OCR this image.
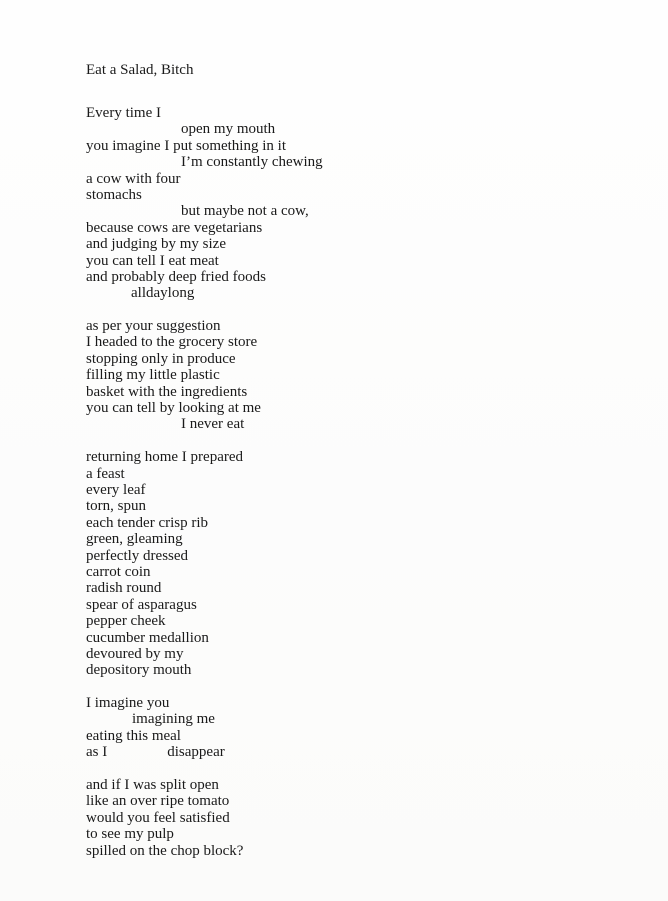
Eat a Salad, Bitch
Every time I
open my mouth
you imagine I put something in it
I’m constantly chewing
a cow with four
stomachs
but maybe not a cow,
because cows are vegetarians
and judging by my size
you can tell I eat meat
and probably deep fried foods
alldaylong
as per your suggestion
I headed to the grocery store
stopping only in produce
filling my little plastic
basket with the ingredients
you can tell by looking at me
I never eat
returning home I prepared
a feast
every leaf
torn, spun
each tender crisp rib
green, gleaming
perfectly dressed
carrot coin
radish round
spear of asparagus
pepper cheek
cucumber medallion
devoured by my
depository mouth
I imagine you
imagining me
eating this meal
as I	disappear
and if I was split open
like an over ripe tomato
would you feel satisfied
to see my pulp
spilled on the chop block?
